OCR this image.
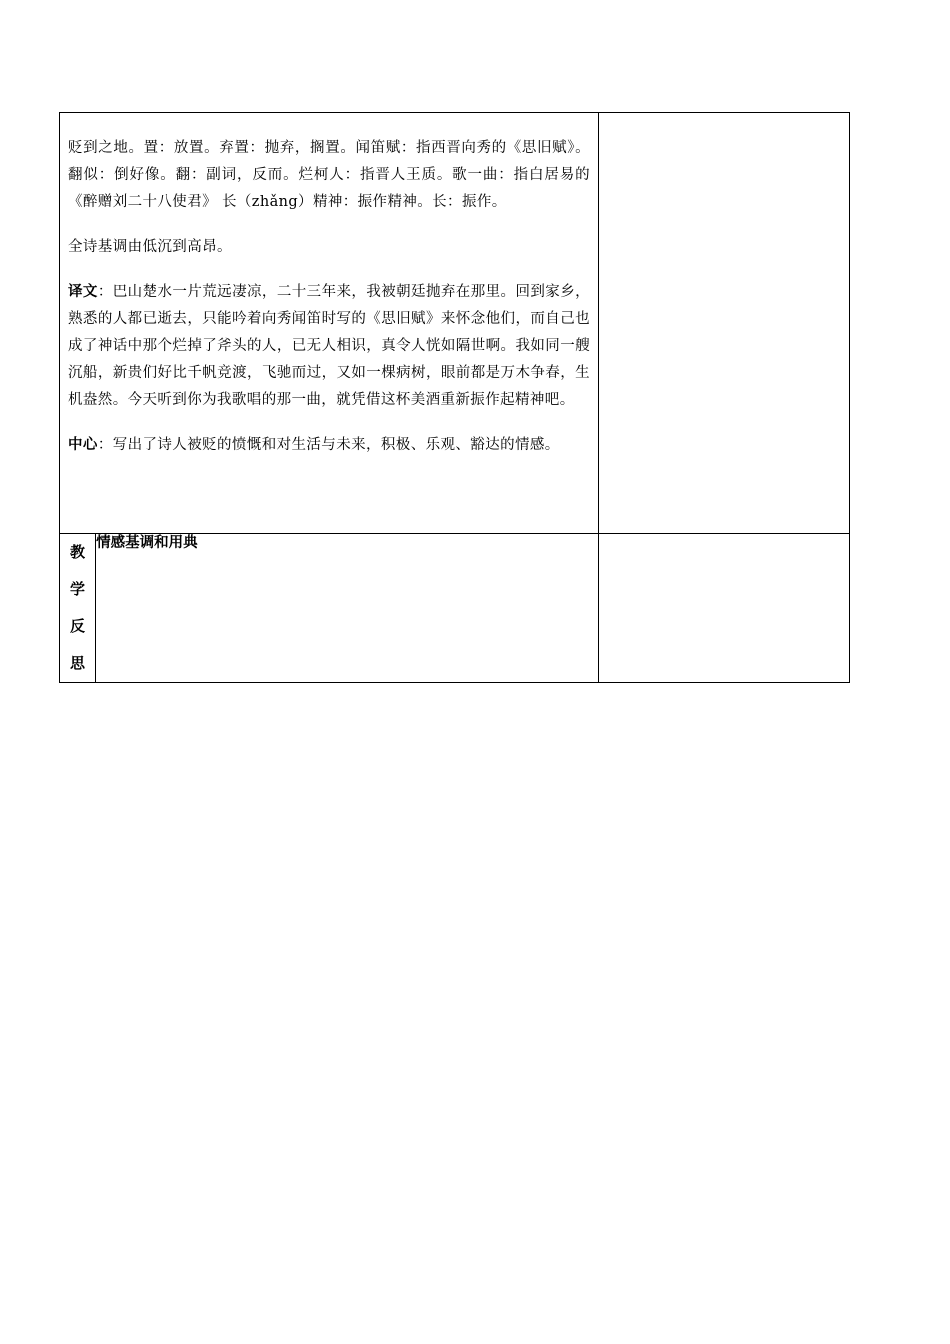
贬到之地。置：放置。弃置：抛弃，搁置。闻笛赋：指西晋向秀的《思旧赋》。翻似：倒好像。翻：副词，反而。烂柯人：指晋人王质。歌一曲：指白居易的《醉赠刘二十八使君》 长（zhǎng）精神：振作精神。长：振作。

全诗基调由低沉到高昂。

译文：巴山楚水一片荒远凄凉，二十三年来，我被朝廷抛弃在那里。回到家乡，熟悉的人都已逝去，只能吟着向秀闻笛时写的《思旧赋》来怀念他们，而自己也成了神话中那个烂掉了斧头的人，已无人相识，真令人恍如隔世啊。我如同一艘沉船，新贵们好比千帆竞渡，飞驰而过，又如一棵病树，眼前都是万木争春，生机盎然。今天听到你为我歌唱的那一曲，就凭借这杯美酒重新振作起精神吧。

中心：写出了诗人被贬的愤慨和对生活与未来，积极、乐观、豁达的情感。		

教
学
反
思	情感基调和用典	
